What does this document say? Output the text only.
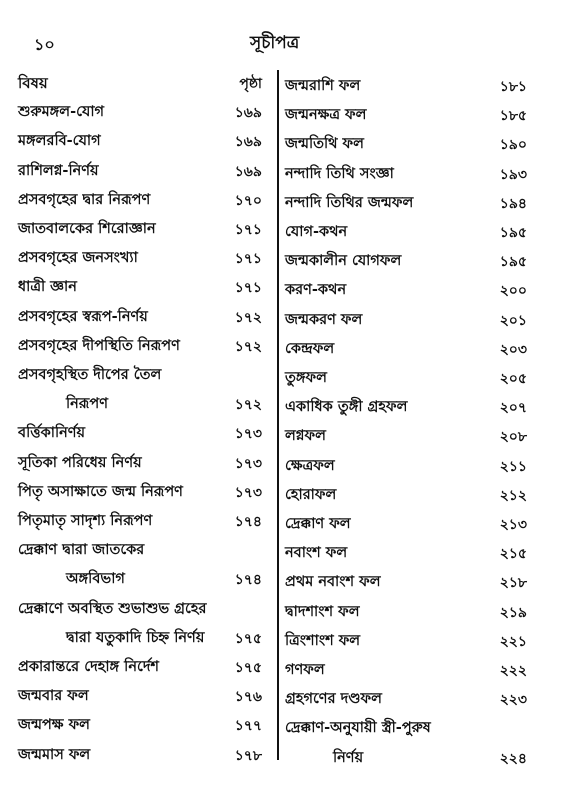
১০	সূচীপত্র
বিষয়	পৃষ্ঠা
শুরুমঙ্গল-যোগ	১৬৯
মঙ্গলরবি-যোগ	১৬৯
রাশিলগ্ন-নির্ণয়	১৬৯
প্রসবগৃহের দ্বার নিরূপণ	১৭০
জাতবালকের শিরোজ্ঞান	১৭১
প্রসবগৃহের জনসংখ্যা	১৭১
ধাত্রী জ্ঞান	১৭১
প্রসবগৃহের স্বরূপ-নির্ণয়	১৭২
প্রসবগৃহের দীপস্থিতি নিরূপণ	১৭২
প্রসবগৃহস্থিত দীপের তৈল
নিরূপণ	১৭২
বর্ত্তিকানির্ণয়	১৭৩
সূতিকা পরিধেয় নির্ণয়	১৭৩
পিতৃ অসাক্ষাতে জন্ম নিরূপণ	১৭৩
পিতৃমাতৃ সাদৃশ্য নিরূপণ	১৭৪
দ্রেক্কাণ দ্বারা জাতকের
অঙ্গবিভাগ	১৭৪
দ্রেক্কাণে অবস্থিত শুভাশুভ গ্রহের
দ্বারা যতুকাদি চিহ্ন নির্ণয় ১৭৫
প্রকারান্তরে দেহাঙ্গ নির্দেশ	১৭৫
জন্মবার ফল	১৭৬
জন্মপক্ষ ফল	১৭৭
জন্মমাস ফল	১৭৮
জন্মরাশি ফল	১৮১
জন্মনক্ষত্র ফল	১৮৫
জন্মতিথি ফল	১৯০
নন্দাদি তিথি সংজ্ঞা	১৯৩
নন্দাদি তিথির জন্মফল	১৯৪
যোগ-কথন	১৯৫
জন্মকালীন যোগফল	১৯৫
করণ-কথন	২০০
জন্মকরণ ফল	২০১
কেন্দ্রফল	২০৩
তুঙ্গফল	২০৫
একাধিক তুঙ্গী গ্রহফল	২০৭
লগ্নফল	২০৮
ক্ষেত্রফল	২১১
হোরাফল	২১২
দ্রেক্কাণ ফল	২১৩
নবাংশ ফল	২১৫
প্রথম নবাংশ ফল	২১৮
দ্বাদশাংশ ফল	২১৯
ত্রিংশাংশ ফল	২২১
গণফল	২২২
গ্রহগণের দণ্ডফল	২২৩
দ্রেক্কাণ-অনুযায়ী স্ত্রী-পুরুষ
নির্ণয়	২২৪
